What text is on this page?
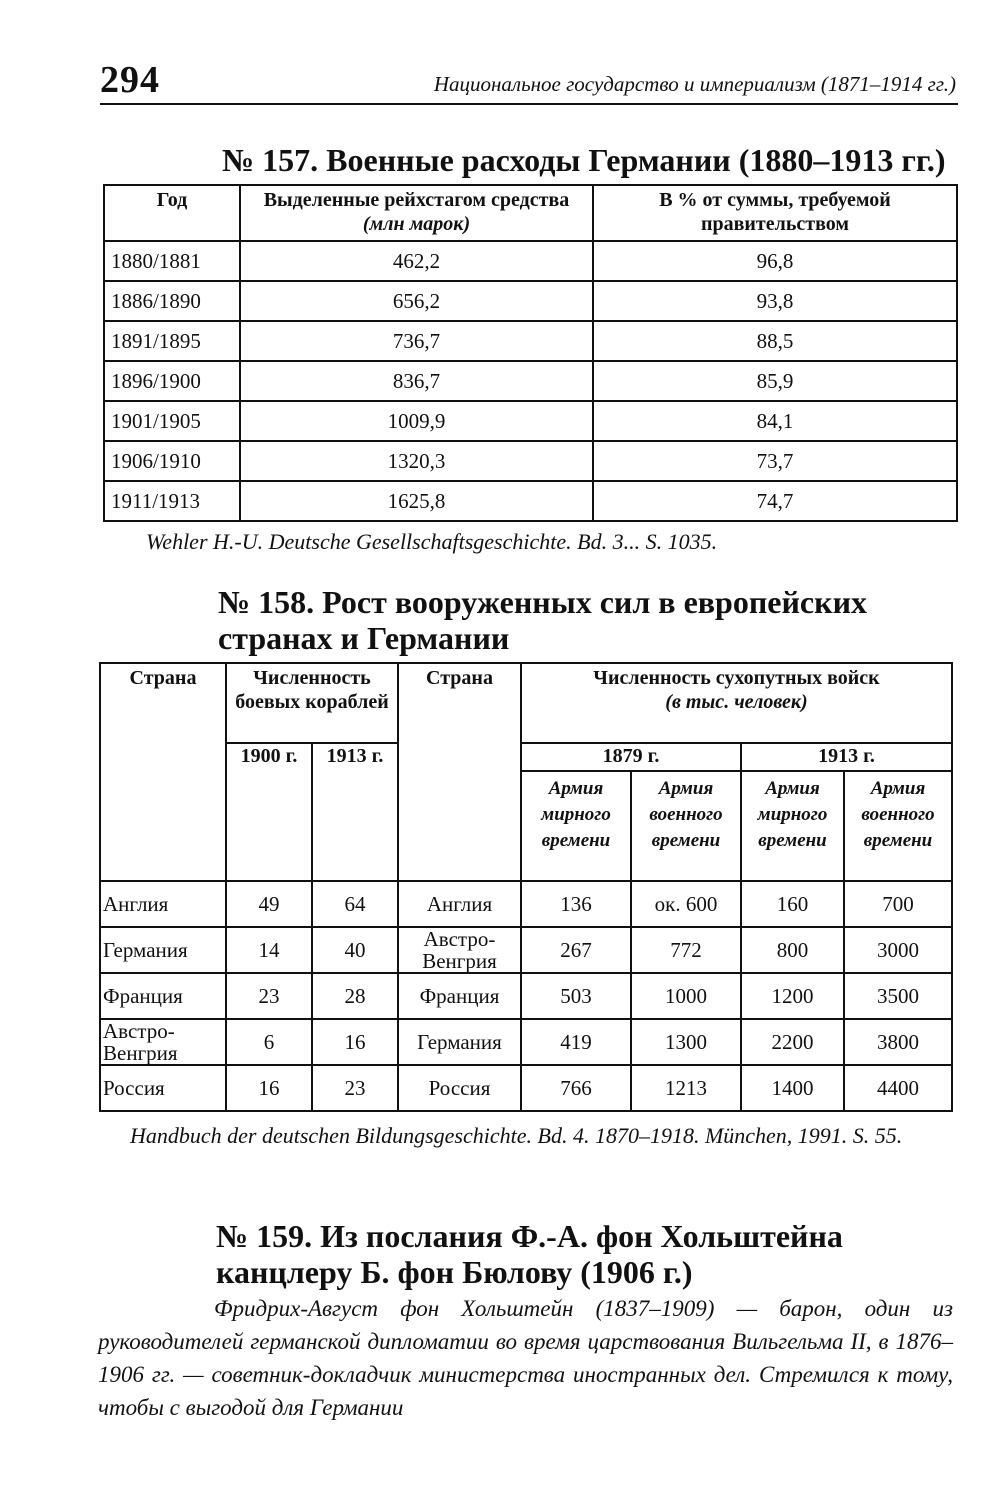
294	Национальное государство и империализм (1871–1914 гг.)
№ 157. Военные расходы Германии (1880–1913 гг.)
Год	Выделенные рейхстагом средства (млн марок)	В % от суммы, требуемой правительством
1880/1881	462,2	96,8
1886/1890	656,2	93,8
1891/1895	736,7	88,5
1896/1900	836,7	85,9
1901/1905	1009,9	84,1
1906/1910	1320,3	73,7
1911/1913	1625,8	74,7
Wehler H.-U. Deutsche Gesellschaftsgeschichte. Bd. 3... S. 1035.
№ 158. Рост вооруженных сил в европейских
странах и Германии
Страна	Численность боевых кораблей		Страна	Численность сухопутных войск
(в тыс. человек)			
	1900 г.	1913 г.		1879 г.		1913 г.	
				Армия мирного времени	Армия военного времени	Армия мирного времени	Армия военного времени
Англия	49	64	Англия	136	ок. 600	160	700
Германия	14	40	Австро-Венгрия	267	772	800	3000
Франция	23	28	Франция	503	1000	1200	3500
Австро-Венгрия	6	16	Германия	419	1300	2200	3800
Россия	16	23	Россия	766	1213	1400	4400
Handbuch der deutschen Bildungsgeschichte. Bd. 4. 1870–1918. München, 1991. S. 55.
№ 159. Из послания Ф.-А. фон Хольштейна
канцлеру Б. фон Бюлову (1906 г.)
Фридрих-Август фон Хольштейн (1837–1909) — барон, один из руководителей германской дипломатии во время царствования Вильгельма II, в 1876–1906 гг. — советник-докладчик министерства иностранных дел. Стремился к тому, чтобы с выгодой для Германии
